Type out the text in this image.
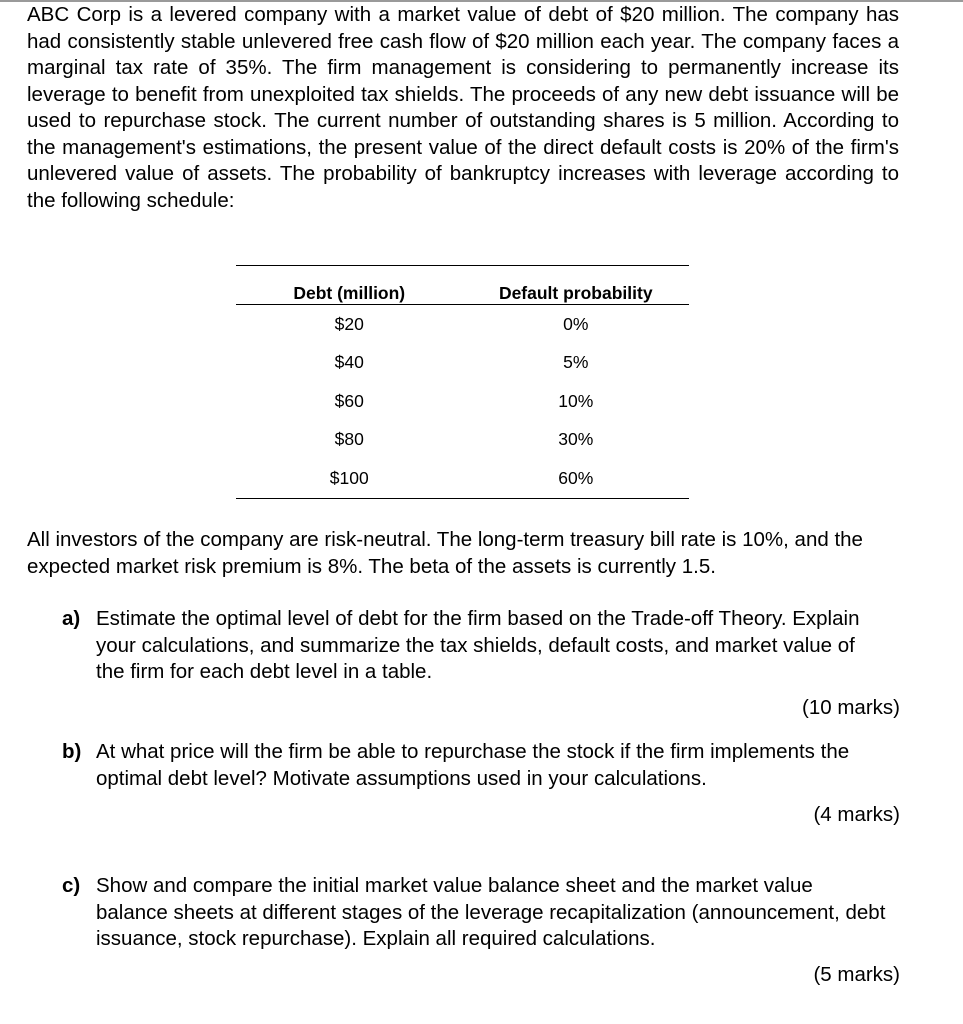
ABC Corp is a levered company with a market value of debt of $20 million. The company has had consistently stable unlevered free cash flow of $20 million each year. The company faces a marginal tax rate of 35%. The firm management is considering to permanently increase its leverage to benefit from unexploited tax shields. The proceeds of any new debt issuance will be used to repurchase stock. The current number of outstanding shares is 5 million. According to the management's estimations, the present value of the direct default costs is 20% of the firm's unlevered value of assets. The probability of bankruptcy increases with leverage according to the following schedule:

Debt (million)	Default probability
$20	0%
$40	5%
$60	10%
$80	30%
$100	60%

All investors of the company are risk-neutral. The long-term treasury bill rate is 10%, and the expected market risk premium is 8%. The beta of the assets is currently 1.5.

a) Estimate the optimal level of debt for the firm based on the Trade-off Theory. Explain your calculations, and summarize the tax shields, default costs, and market value of the firm for each debt level in a table.
(10 marks)
b) At what price will the firm be able to repurchase the stock if the firm implements the optimal debt level? Motivate assumptions used in your calculations.
(4 marks)
c) Show and compare the initial market value balance sheet and the market value balance sheets at different stages of the leverage recapitalization (announcement, debt issuance, stock repurchase). Explain all required calculations.
(5 marks)
